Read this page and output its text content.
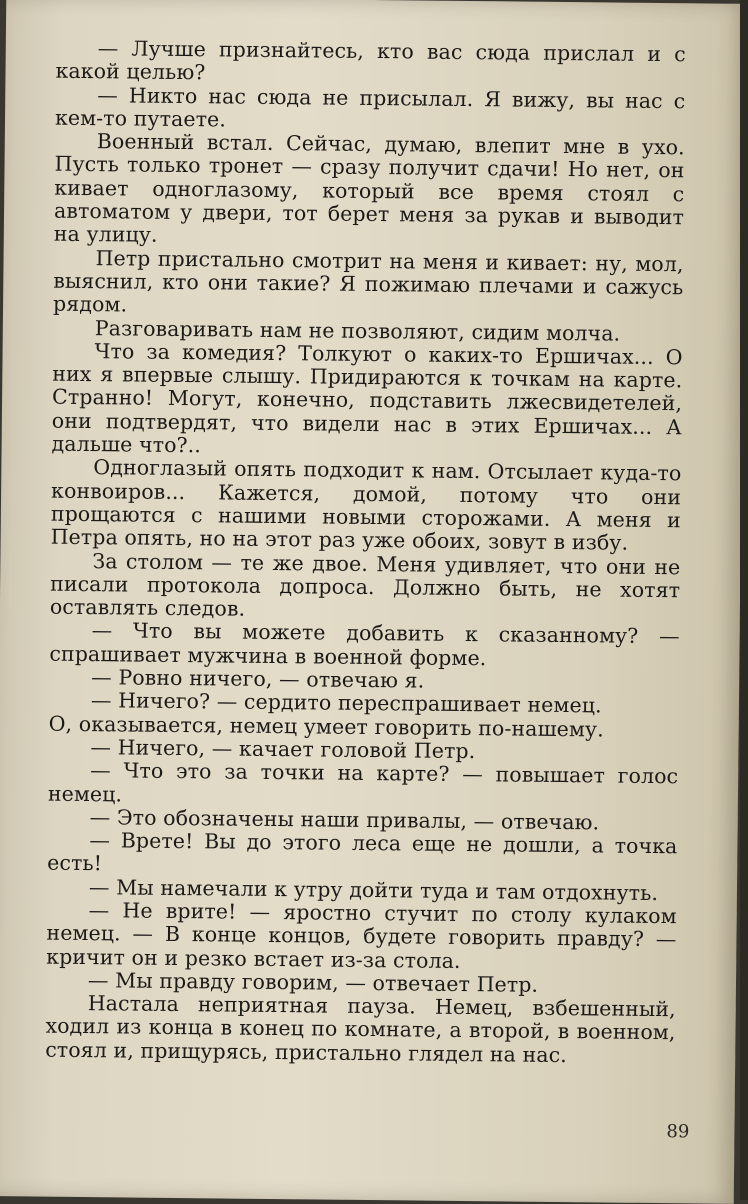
— Лучше признайтесь, кто вас сюда прислал и с какой целью?

— Никто нас сюда не присылал. Я вижу, вы нас с кем-то путаете.

Военный встал. Сейчас, думаю, влепит мне в ухо. Пусть только тронет — сразу получит сдачи! Но нет, он кивает одноглазому, который все время стоял с автоматом у двери, тот берет меня за рукав и выводит на улицу.

Петр пристально смотрит на меня и кивает: ну, мол, выяснил, кто они такие? Я пожимаю плечами и сажусь рядом.

Разговаривать нам не позволяют, сидим молча.

Что за комедия? Толкуют о каких-то Ершичах... О них я впервые слышу. Придираются к точкам на карте. Странно! Могут, конечно, подставить лжесвидетелей, они подтвердят, что видели нас в этих Ершичах... А дальше что?..

Одноглазый опять подходит к нам. Отсылает куда-то конвоиров... Кажется, домой, потому что они прощаются с нашими новыми сторожами. А меня и Петра опять, но на этот раз уже обоих, зовут в избу.

За столом — те же двое. Меня удивляет, что они не писали протокола допроса. Должно быть, не хотят оставлять следов.

— Что вы можете добавить к сказанному? — спрашивает мужчина в военной форме.

— Ровно ничего, — отвечаю я.

— Ничего? — сердито переспрашивает немец.

О, оказывается, немец умеет говорить по-нашему.

— Ничего, — качает головой Петр.

— Что это за точки на карте? — повышает голос немец.

— Это обозначены наши привалы, — отвечаю.

— Врете! Вы до этого леса еще не дошли, а точка есть!

— Мы намечали к утру дойти туда и там отдохнуть.

— Не врите! — яростно стучит по столу кулаком немец. — В конце концов, будете говорить правду? — кричит он и резко встает из-за стола.

— Мы правду говорим, — отвечает Петр.

Настала неприятная пауза. Немец, взбешенный, ходил из конца в конец по комнате, а второй, в военном, стоял и, прищурясь, пристально глядел на нас.

89
